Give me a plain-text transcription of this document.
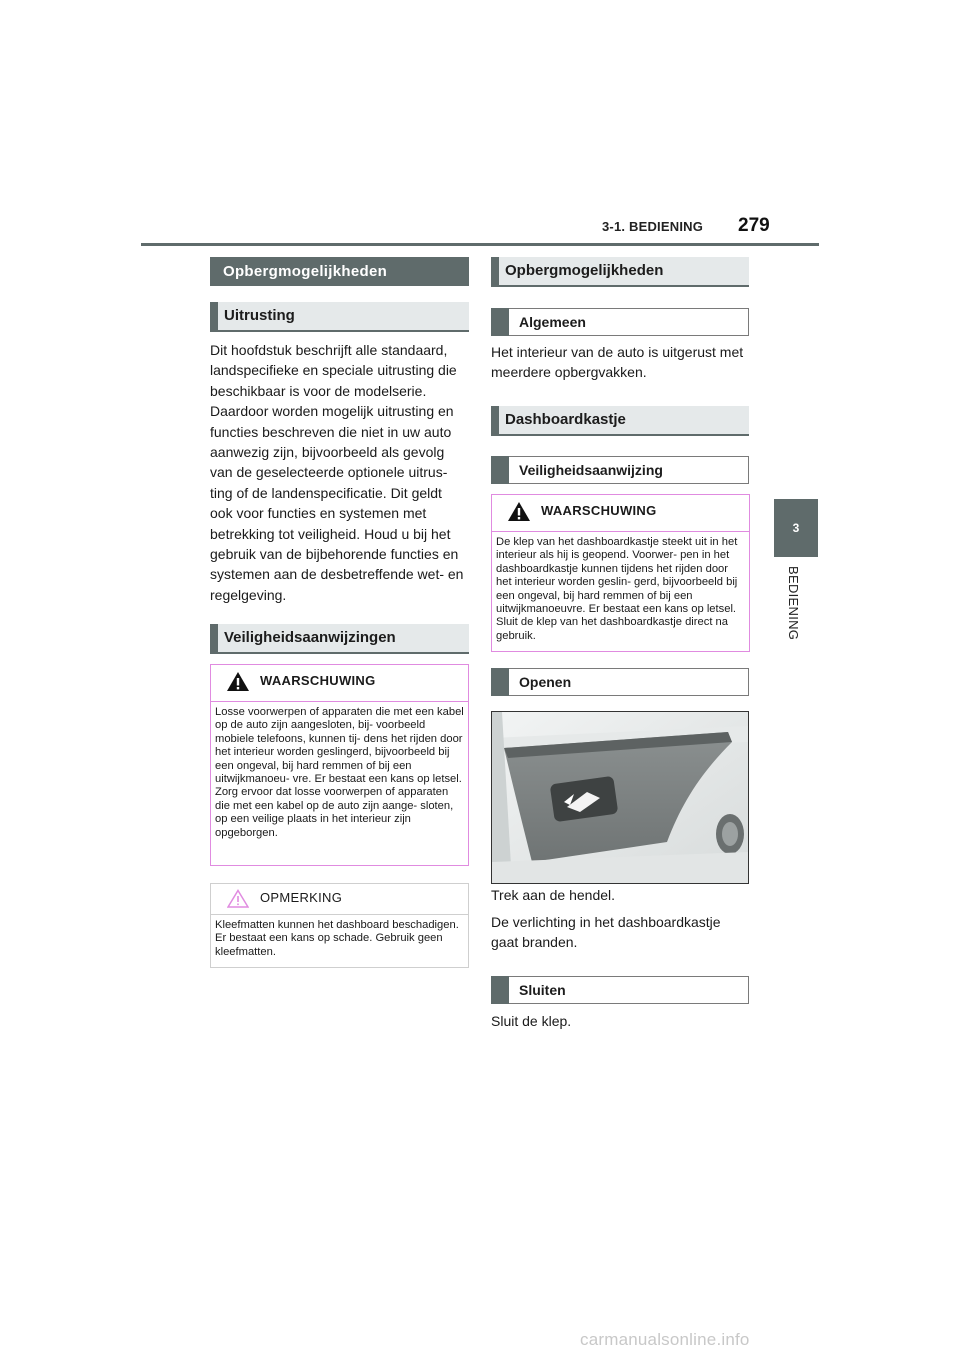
3-1. BEDIENING 279
3
BEDIENING
Opbergmogelijkheden
Uitrusting

Dit hoofdstuk beschrijft alle standaard, landspecifieke en speciale uitrusting die beschikbaar is voor de modelserie. Daardoor worden mogelijk uitrusting en functies beschreven die niet in uw auto aanwezig zijn, bijvoorbeeld als gevolg van de geselecteerde optionele uitrus- ting of de landenspecificatie. Dit geldt ook voor functies en systemen met betrekking tot veiligheid. Houd u bij het gebruik van de bijbehorende functies en systemen aan de desbetreffende wet- en regelgeving.

Veiligheidsaanwijzingen
WAARSCHUWING

Losse voorwerpen of apparaten die met een kabel op de auto zijn aangesloten, bij- voorbeeld mobiele telefoons, kunnen tij- dens het rijden door het interieur worden geslingerd, bijvoorbeeld bij een ongeval, bij hard remmen of bij een uitwijkmanoeu- vre. Er bestaat een kans op letsel. Zorg ervoor dat losse voorwerpen of apparaten die met een kabel op de auto zijn aange- sloten, op een veilige plaats in het interieur zijn opgeborgen.

OPMERKING

Kleefmatten kunnen het dashboard beschadigen. Er bestaat een kans op schade. Gebruik geen kleefmatten.

Opbergmogelijkheden
Algemeen

Het interieur van de auto is uitgerust met meerdere opbergvakken.

Dashboardkastje
Veiligheidsaanwijzing
WAARSCHUWING

De klep van het dashboardkastje steekt uit in het interieur als hij is geopend. Voorwer- pen in het dashboardkastje kunnen tijdens het rijden door het interieur worden geslin- gerd, bijvoorbeeld bij een ongeval, bij hard remmen of bij een uitwijkmanoeuvre. Er bestaat een kans op letsel. Sluit de klep van het dashboardkastje direct na gebruik.

Openen

Trek aan de hendel.

De verlichting in het dashboardkastje gaat branden.

Sluiten

Sluit de klep.

carmanualsonline.info
